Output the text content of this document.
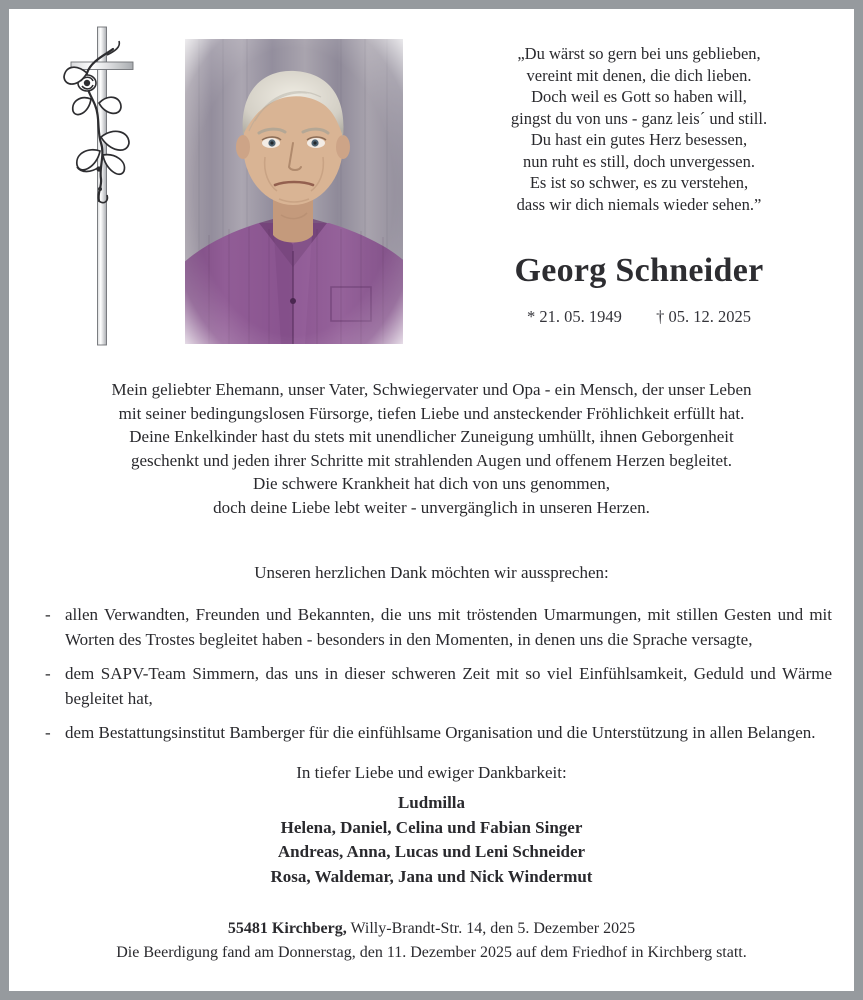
„Du wärst so gern bei uns geblieben,
vereint mit denen, die dich lieben.
Doch weil es Gott so haben will,
gingst du von uns - ganz leis´ und still.
Du hast ein gutes Herz besessen,
nun ruht es still, doch unvergessen.
Es ist so schwer, es zu verstehen,
dass wir dich niemals wieder sehen.”
Georg Schneider
* 21. 05. 1949 † 05. 12. 2025
Mein geliebter Ehemann, unser Vater, Schwiegervater und Opa - ein Mensch, der unser Leben
mit seiner bedingungslosen Fürsorge, tiefen Liebe und ansteckender Fröhlichkeit erfüllt hat.
Deine Enkelkinder hast du stets mit unendlicher Zuneigung umhüllt, ihnen Geborgenheit
geschenkt und jeden ihrer Schritte mit strahlenden Augen und offenem Herzen begleitet.
Die schwere Krankheit hat dich von uns genommen,
doch deine Liebe lebt weiter - unvergänglich in unseren Herzen.
Unseren herzlichen Dank möchten wir aussprechen:
- allen Verwandten, Freunden und Bekannten, die uns mit tröstenden Umarmungen, mit stillen Gesten und mit Worten des Trostes begleitet haben - besonders in den Momenten, in denen uns die Sprache versagte,
- dem SAPV-Team Simmern, das uns in dieser schweren Zeit mit so viel Einfühlsamkeit, Geduld und Wärme begleitet hat,
- dem Bestattungsinstitut Bamberger für die einfühlsame Organisation und die Unterstützung in allen Belangen.
In tiefer Liebe und ewiger Dankbarkeit:
Ludmilla
Helena, Daniel, Celina und Fabian Singer
Andreas, Anna, Lucas und Leni Schneider
Rosa, Waldemar, Jana und Nick Windermut
55481 Kirchberg, Willy-Brandt-Str. 14, den 5. Dezember 2025
Die Beerdigung fand am Donnerstag, den 11. Dezember 2025 auf dem Friedhof in Kirchberg statt.
